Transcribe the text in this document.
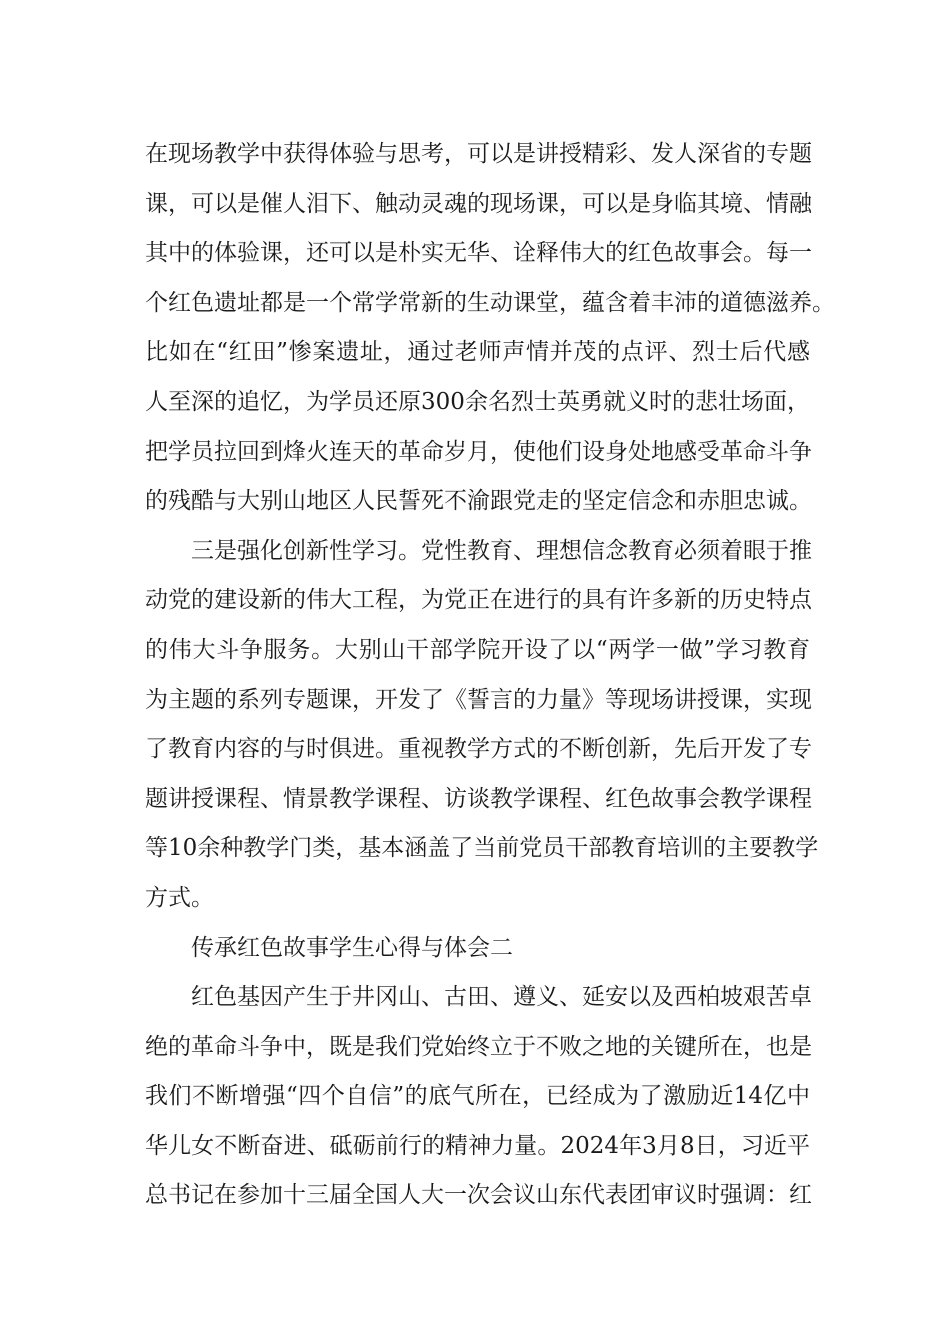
在现场教学中获得体验与思考，可以是讲授精彩、发人深省的专题
课，可以是催人泪下、触动灵魂的现场课，可以是身临其境、情融
其中的体验课，还可以是朴实无华、诠释伟大的红色故事会。每一
个红色遗址都是一个常学常新的生动课堂，蕴含着丰沛的道德滋养。
比如在“红田”惨案遗址，通过老师声情并茂的点评、烈士后代感
人至深的追忆，为学员还原300余名烈士英勇就义时的悲壮场面，
把学员拉回到烽火连天的革命岁月，使他们设身处地感受革命斗争
的残酷与大别山地区人民誓死不渝跟党走的坚定信念和赤胆忠诚。
三是强化创新性学习。党性教育、理想信念教育必须着眼于推
动党的建设新的伟大工程，为党正在进行的具有许多新的历史特点
的伟大斗争服务。大别山干部学院开设了以“两学一做”学习教育
为主题的系列专题课，开发了《誓言的力量》等现场讲授课，实现
了教育内容的与时俱进。重视教学方式的不断创新，先后开发了专
题讲授课程、情景教学课程、访谈教学课程、红色故事会教学课程
等10余种教学门类，基本涵盖了当前党员干部教育培训的主要教学
方式。
传承红色故事学生心得与体会二
红色基因产生于井冈山、古田、遵义、延安以及西柏坡艰苦卓
绝的革命斗争中，既是我们党始终立于不败之地的关键所在，也是
我们不断增强“四个自信”的底气所在，已经成为了激励近14亿中
华儿女不断奋进、砥砺前行的精神力量。2024年3月8日，习近平
总书记在参加十三届全国人大一次会议山东代表团审议时强调：红
